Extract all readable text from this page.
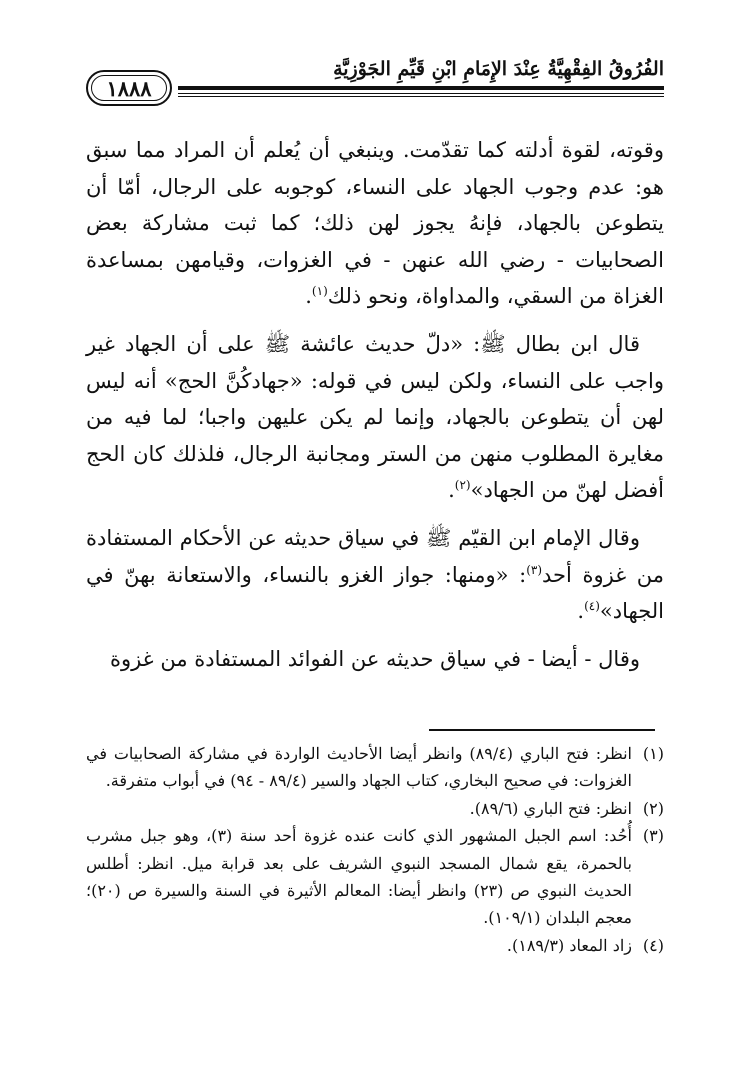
١٨٨٨
الفُرُوقُ الفِقْهِيَّةُ عِنْدَ الإِمَامِ ابْنِ قَيِّمِ الجَوْزِيَّةِ

وقوته، لقوة أدلته كما تقدّمت. وينبغي أن يُعلم أن المراد مما سبق هو: عدم وجوب الجهاد على النساء، كوجوبه على الرجال، أمّا أن يتطوعن بالجهاد، فإنهُ يجوز لهن ذلك؛ كما ثبت مشاركة بعض الصحابيات - رضي الله عنهن - في الغزوات، وقيامهن بمساعدة الغزاة من السقي، والمداواة، ونحو ذلك$^{(١)}$.

قال ابن بطال ﷺ: «دلّ حديث عائشة ﷺ على أن الجهاد غير واجب على النساء، ولكن ليس في قوله: «جهادكُنَّ الحج» أنه ليس لهن أن يتطوعن بالجهاد، وإنما لم يكن عليهن واجبا؛ لما فيه من مغايرة المطلوب منهن من الستر ومجانبة الرجال، فلذلك كان الحج أفضل لهنّ من الجهاد»$^{(٢)}$.

وقال الإمام ابن القيّم ﷺ في سياق حديثه عن الأحكام المستفادة من غزوة أحد$^{(٣)}$: «ومنها: جواز الغزو بالنساء، والاستعانة بهنّ في الجهاد»$^{(٤)}$.

وقال - أيضا - في سياق حديثه عن الفوائد المستفادة من غزوة

(١)
انظر: فتح الباري (٨٩/٤) وانظر أيضا الأحاديث الواردة في مشاركة الصحابيات في الغزوات: في صحيح البخاري، كتاب الجهاد والسير (٨٩/٤ - ٩٤) في أبواب متفرقة.
(٢)
انظر: فتح الباري (٨٩/٦).
(٣)
أُحُد: اسم الجبل المشهور الذي كانت عنده غزوة أحد سنة (٣)، وهو جبل مشرب بالحمرة، يقع شمال المسجد النبوي الشريف على بعد قرابة ميل. انظر: أطلس الحديث النبوي ص (٢٣) وانظر أيضا: المعالم الأثيرة في السنة والسيرة ص (٢٠)؛ معجم البلدان (١٠٩/١).
(٤)
زاد المعاد (١٨٩/٣).
